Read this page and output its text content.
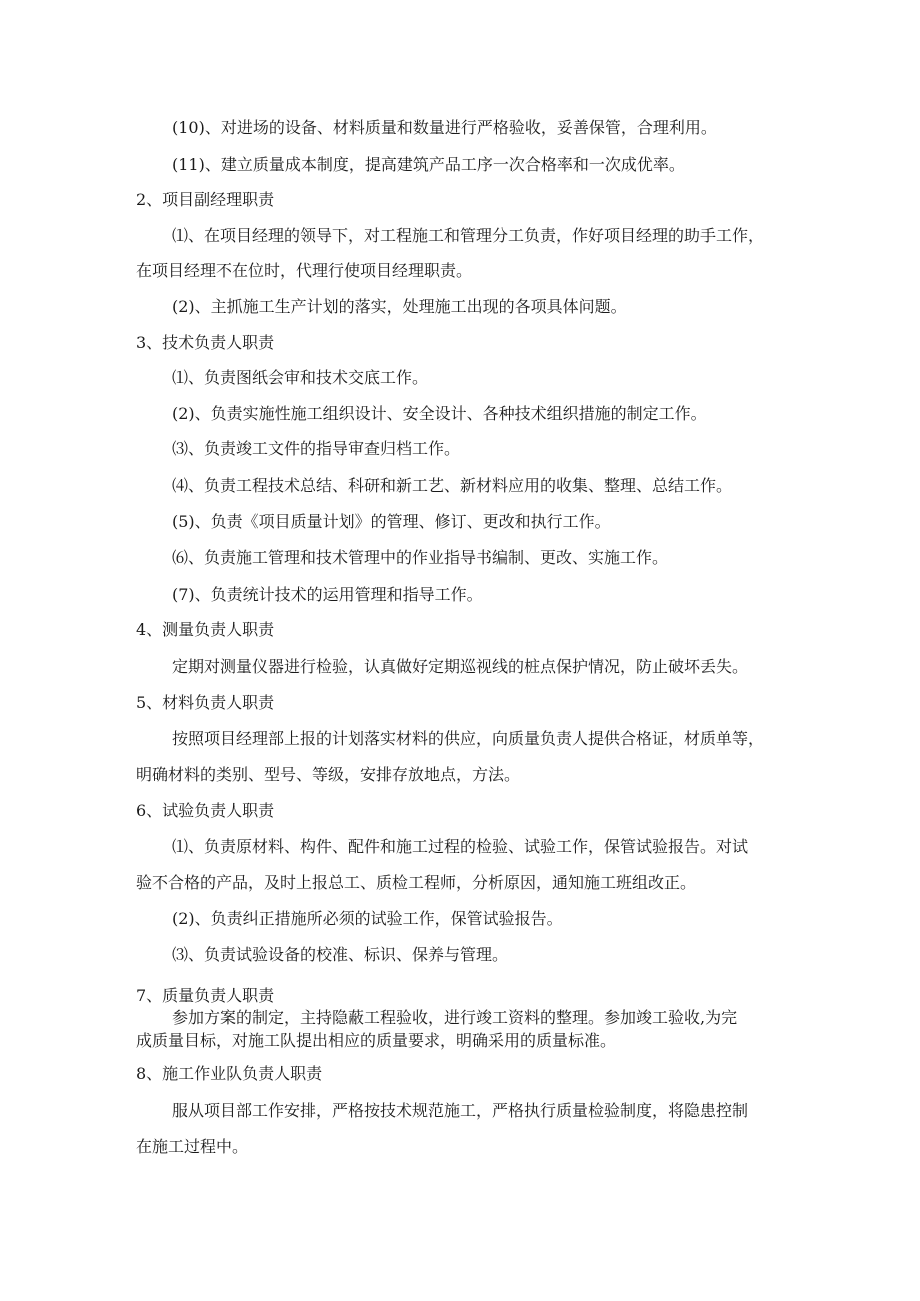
(10)、对进场的设备、材料质量和数量进行严格验收，妥善保管，合理利用。
(11)、建立质量成本制度，提高建筑产品工序一次合格率和一次成优率。
2、项目副经理职责
⑴、在项目经理的领导下，对工程施工和管理分工负责，作好项目经理的助手工作，
在项目经理不在位时，代理行使项目经理职责。
(2)、主抓施工生产计划的落实，处理施工出现的各项具体问题。
3、技术负责人职责
⑴、负责图纸会审和技术交底工作。
(2)、负责实施性施工组织设计、安全设计、各种技术组织措施的制定工作。
⑶、负责竣工文件的指导审查归档工作。
⑷、负责工程技术总结、科研和新工艺、新材料应用的收集、整理、总结工作。
(5)、负责《项目质量计划》的管理、修订、更改和执行工作。
⑹、负责施工管理和技术管理中的作业指导书编制、更改、实施工作。
(7)、负责统计技术的运用管理和指导工作。
4、测量负责人职责
定期对测量仪器进行检验，认真做好定期巡视线的桩点保护情况，防止破坏丢失。
5、材料负责人职责
按照项目经理部上报的计划落实材料的供应，向质量负责人提供合格证，材质单等，
明确材料的类别、型号、等级，安排存放地点，方法。
6、试验负责人职责
⑴、负责原材料、构件、配件和施工过程的检验、试验工作，保管试验报告。对试
验不合格的产品，及时上报总工、质检工程师，分析原因，通知施工班组改正。
(2)、负责纠正措施所必须的试验工作，保管试验报告。
⑶、负责试验设备的校准、标识、保养与管理。
7、质量负责人职责
参加方案的制定，主持隐蔽工程验收，进行竣工资料的整理。参加竣工验收,为完
成质量目标，对施工队提出相应的质量要求，明确采用的质量标准。
8、施工作业队负责人职责
服从项目部工作安排，严格按技术规范施工，严格执行质量检验制度，将隐患控制
在施工过程中。
